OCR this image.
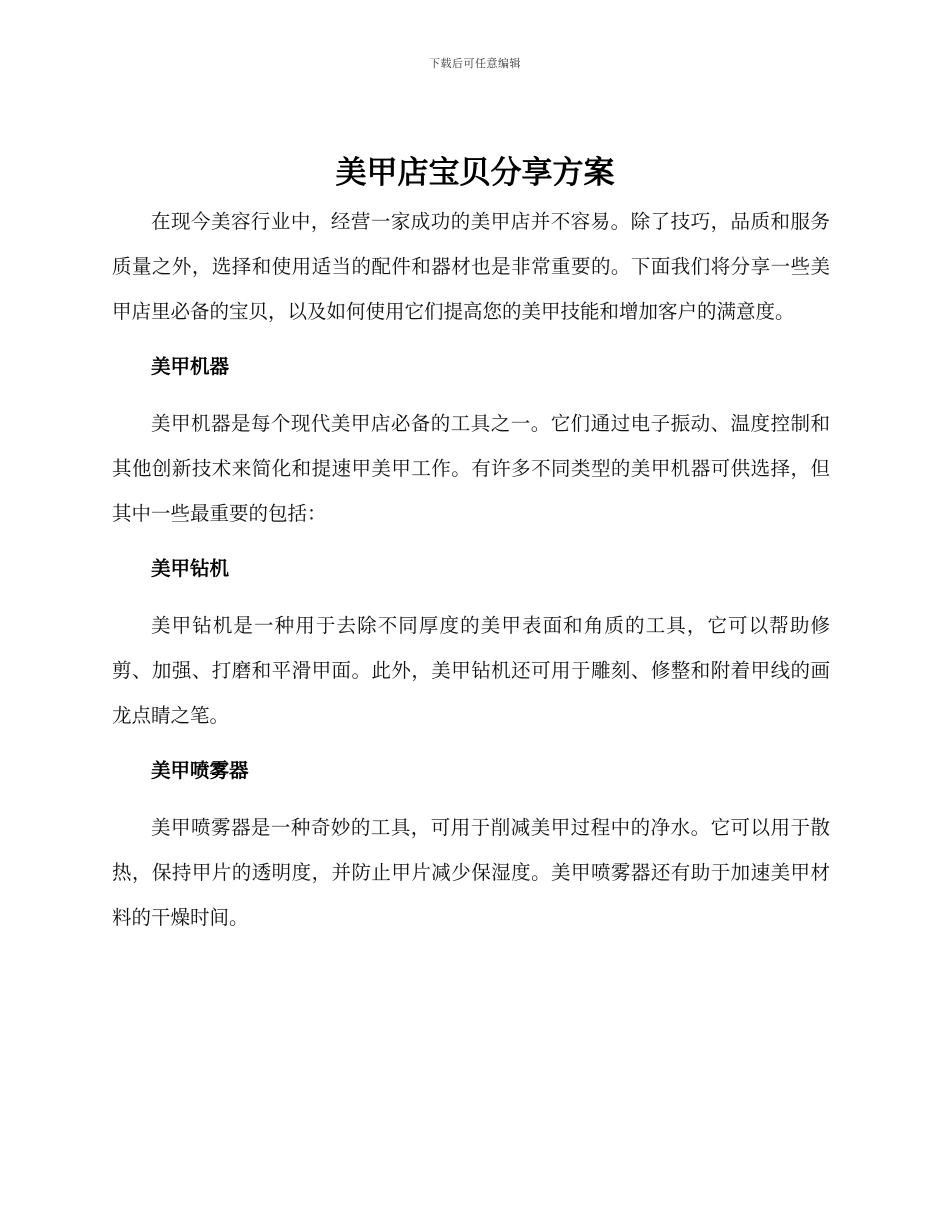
下载后可任意编辑
美甲店宝贝分享方案

在现今美容行业中，经营一家成功的美甲店并不容易。除了技巧，品质和服务质量之外，选择和使用适当的配件和器材也是非常重要的。下面我们将分享一些美甲店里必备的宝贝，以及如何使用它们提高您的美甲技能和增加客户的满意度。

美甲机器

美甲机器是每个现代美甲店必备的工具之一。它们通过电子振动、温度控制和其他创新技术来简化和提速甲美甲工作。有许多不同类型的美甲机器可供选择，但其中一些最重要的包括：

美甲钻机

美甲钻机是一种用于去除不同厚度的美甲表面和角质的工具，它可以帮助修剪、加强、打磨和平滑甲面。此外，美甲钻机还可用于雕刻、修整和附着甲线的画龙点睛之笔。

美甲喷雾器

美甲喷雾器是一种奇妙的工具，可用于削减美甲过程中的净水。它可以用于散热，保持甲片的透明度，并防止甲片减少保湿度。美甲喷雾器还有助于加速美甲材料的干燥时间。
